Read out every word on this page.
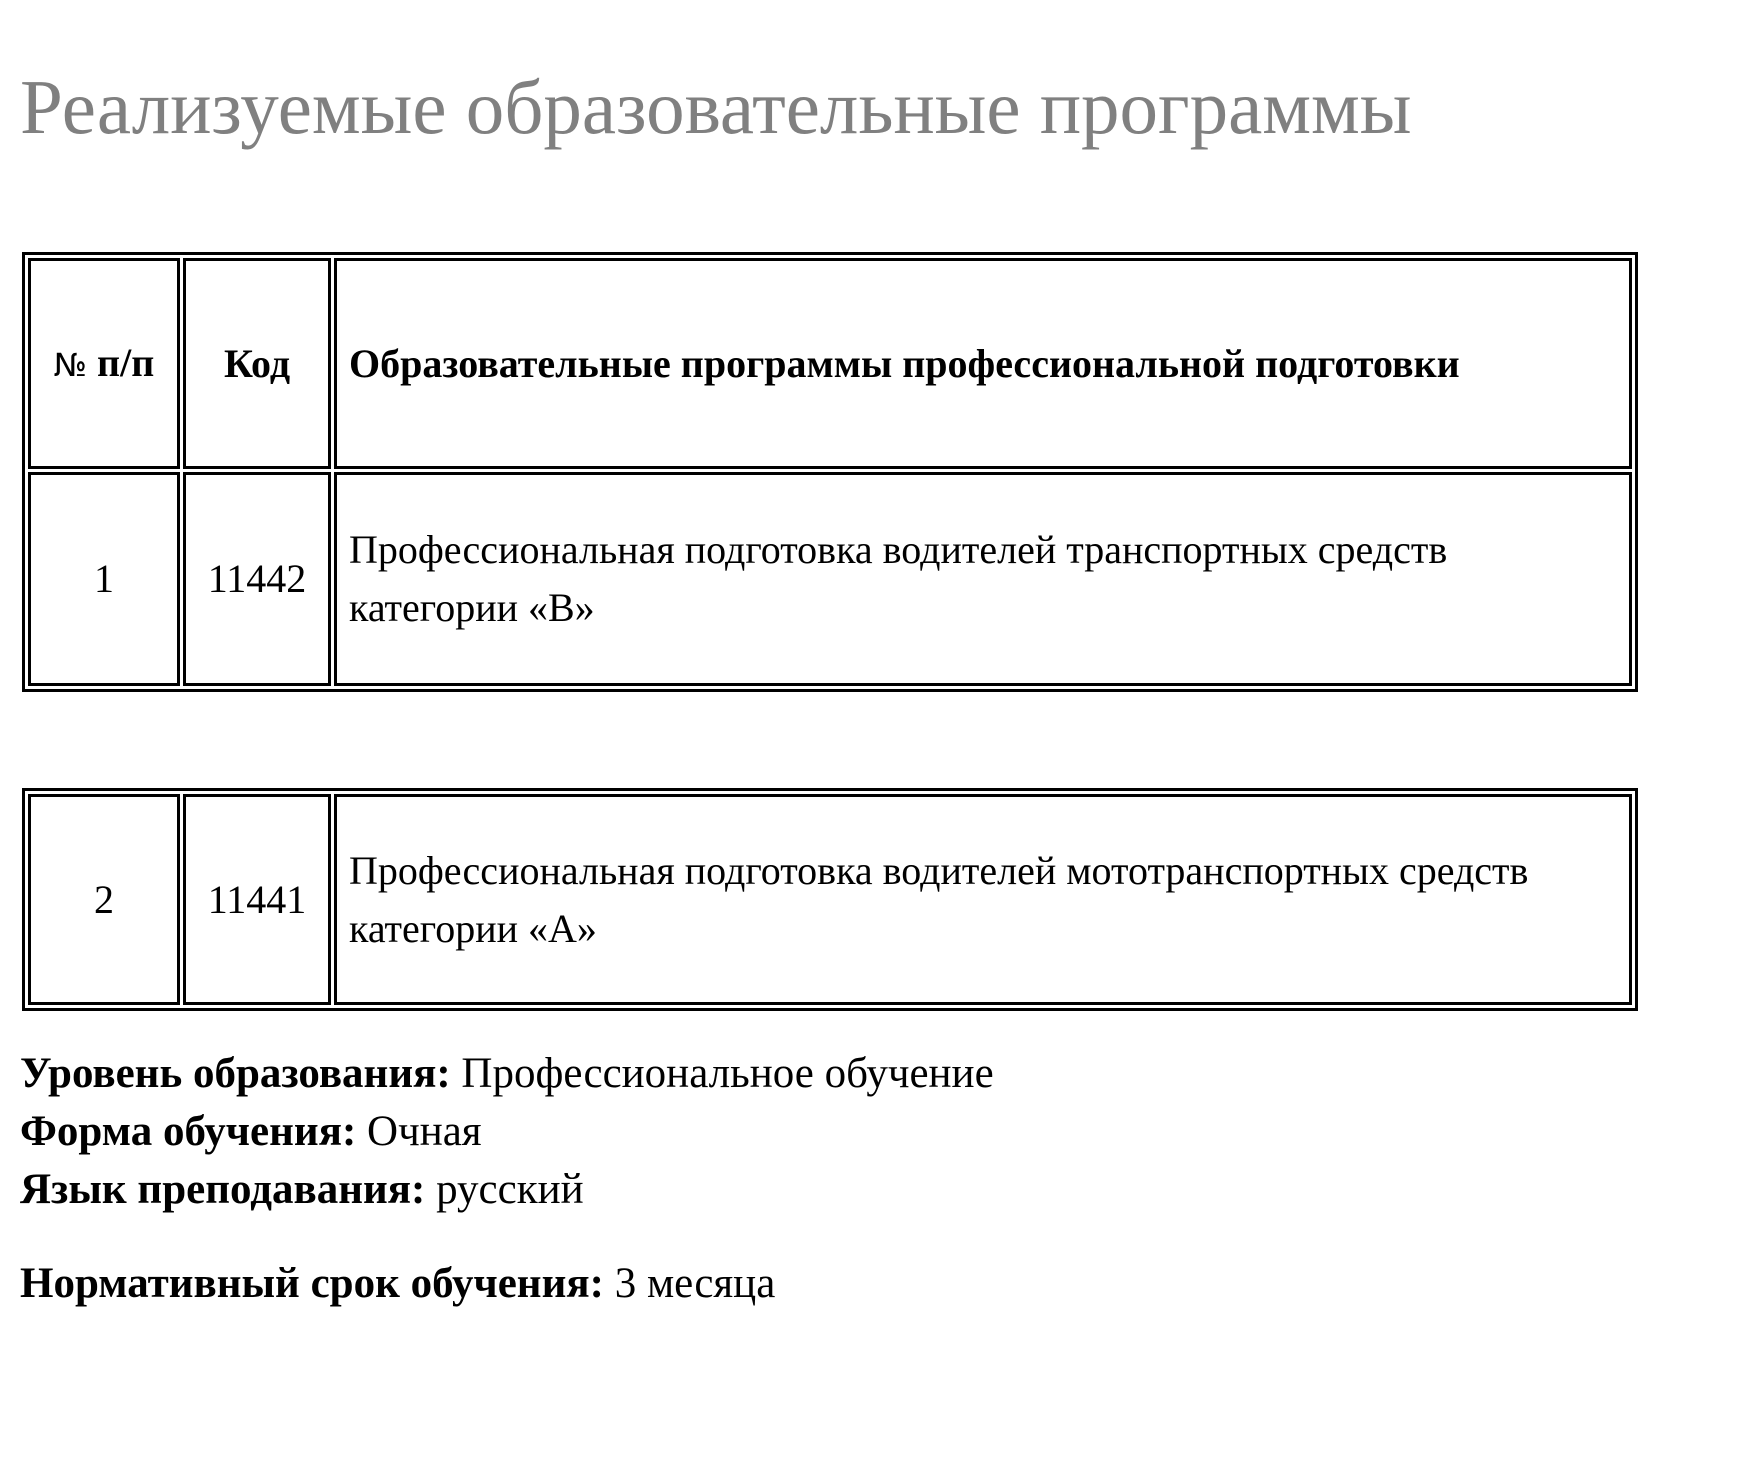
Реализуемые образовательные программы
№ п/п	Код	Образовательные программы профессиональной подготовки
1	11442	Профессиональная подготовка водителей транспортных средств категории «В»
2	11441	Профессиональная подготовка водителей мототранспортных средств категории «А»
Уровень образования: Профессиональное обучение
Форма обучения: Очная
Язык преподавания: русский
Нормативный срок обучения: 3 месяца
